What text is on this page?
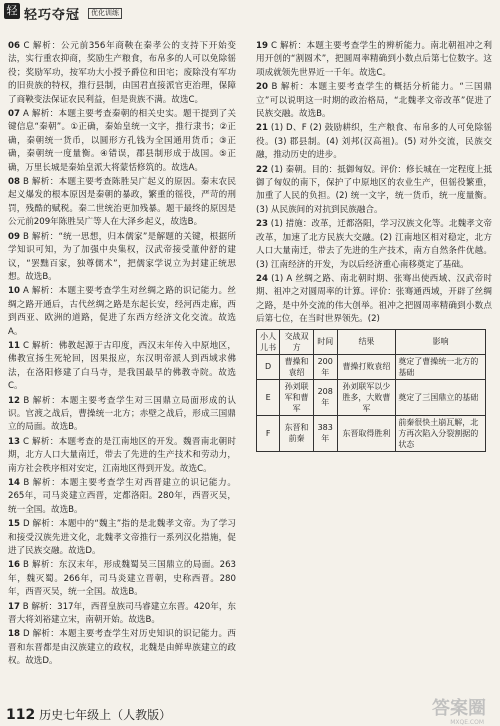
轻 轻巧夺冠	优化训练
06 C 解析：公元前356年商鞅在秦孝公的支持下开始变法，实行重农抑商，奖励生产粮食，布帛多的人可以免除徭役；奖励军功，按军功大小授予爵位和田宅；废除没有军功的旧贵族的特权，推行县制，由国君直接派官吏治理，保障了商鞅变法保证农民利益，但是贵族不满。故选C。
07 A 解析：本题主要考查秦朝的相关史实。题干提到了关键信息“秦朝”。①正确，秦始皇统一文字，推行隶书；②正确，秦朝统一货币，以圆形方孔钱为全国通用货币；③正确，秦朝统一度量衡。④错误，郡县制形成于战国。⑤正确，万里长城是秦始皇派大将蒙恬修筑的。故选A。
08 B 解析：本题主要考查陈胜吴广起义的原因。秦末农民起义爆发的根本原因是秦朝的暴政，繁重的徭役，严苛的刑罚，残酷的赋税。秦二世统治更加残暴。题干最终的原因是公元前209年陈胜吴广等人在大泽乡起义，故选B。
09 B 解析：“统一思想，归本儒家”是解题的关键，根据所学知识可知，为了加强中央集权，汉武帝接受董仲舒的建议，“罢黜百家，独尊儒术”，把儒家学说立为封建正统思想。故选B。
10 A 解析：本题主要考查学生对丝绸之路的识记能力。丝绸之路开通后，古代丝绸之路是东起长安，经河西走廊，西到西亚、欧洲的道路，促进了东西方经济文化交流。故选A。
11 C 解析：佛教起源于古印度，西汉末年传入中原地区，佛教宣扬生死轮回，因果报应，东汉明帝派人到西域求佛法，在洛阳修建了白马寺，是我国最早的佛教寺院。故选C。
12 B 解析：本题主要考查学生对三国鼎立局面形成的认识。官渡之战后，曹操统一北方；赤壁之战后，形成三国鼎立的局面。故选B。
13 C 解析：本题考查的是江南地区的开发。魏晋南北朝时期，北方人口大量南迁，带去了先进的生产技术和劳动力，南方社会秩序相对安定，江南地区得到开发。故选C。
14 B 解析：本题主要考查学生对西晋建立的识记能力。265年，司马炎建立西晋，定都洛阳。280年，西晋灭吴，统一全国。故选B。
15 D 解析：本题中的“魏主”指的是北魏孝文帝。为了学习和接受汉族先进文化，北魏孝文帝推行一系列汉化措施，促进了民族交融。故选D。
16 B 解析：东汉末年，形成魏蜀吴三国鼎立的局面。263年，魏灭蜀。266年，司马炎建立晋朝，史称西晋。280年，西晋灭吴，统一全国。故选B。
17 B 解析：317年，西晋皇族司马睿建立东晋。420年，东晋大将刘裕建立宋，南朝开始。故选B。
18 D 解析：本题主要考查学生对历史知识的识记能力。西晋和东晋都是由汉族建立的政权，北魏是由鲜卑族建立的政权。故选D。
19 C 解析：本题主要考查学生的辨析能力。南北朝祖冲之利用开创的“割圆术”，把圆周率精确到小数点后第七位数字。这项成就领先世界近一千年。故选C。
20 B 解析：本题主要考查学生的概括分析能力。“三国鼎立”可以说明这一时期的政治格局，“北魏孝文帝改革”促进了民族交融。故选B。
21 (1) D、F (2) 鼓励耕织，生产粮食、布帛多的人可免除徭役。(3) 郡县制。(4) 刘邦(汉高祖)。(5) 对外交流，民族交融，推动历史的进步。
22 (1) 秦朝。目的：抵御匈奴。评价：修长城在一定程度上抵御了匈奴的南下，保护了中原地区的农业生产，但徭役繁重，加重了人民的负担。(2) 统一文字，统一货币，统一度量衡。(3) 从民族间的对抗到民族融合。
23 (1) 措施：改革，迁都洛阳，学习汉族文化等。北魏孝文帝改革，加速了北方民族大交融。(2) 江南地区相对稳定，北方人口大量南迁，带去了先进的生产技术，南方自然条件优越。(3) 江南经济的开发，为以后经济重心南移奠定了基础。
24 (1) A 丝绸之路、南北朝时期、张骞出使西域、汉武帝时期、祖冲之对圆周率的计算。评价：张骞通西域，开辟了丝绸之路，是中外交流的伟大创举。祖冲之把圆周率精确到小数点后第七位，在当时世界领先。(2)
小人儿书	交战双方	时间	结果	影响
D	曹操和袁绍	200年	曹操打败袁绍	奠定了曹操统一北方的基础
E	孙刘联军和曹军	208年	孙刘联军以少胜多，大败曹军	奠定了三国鼎立的基础
F	东晋和前秦	383年	东晋取得胜利	前秦很快土崩瓦解，北方再次陷入分裂割据的状态
112 历史七年级上（人教版）	答案圈
MXQE.COM
